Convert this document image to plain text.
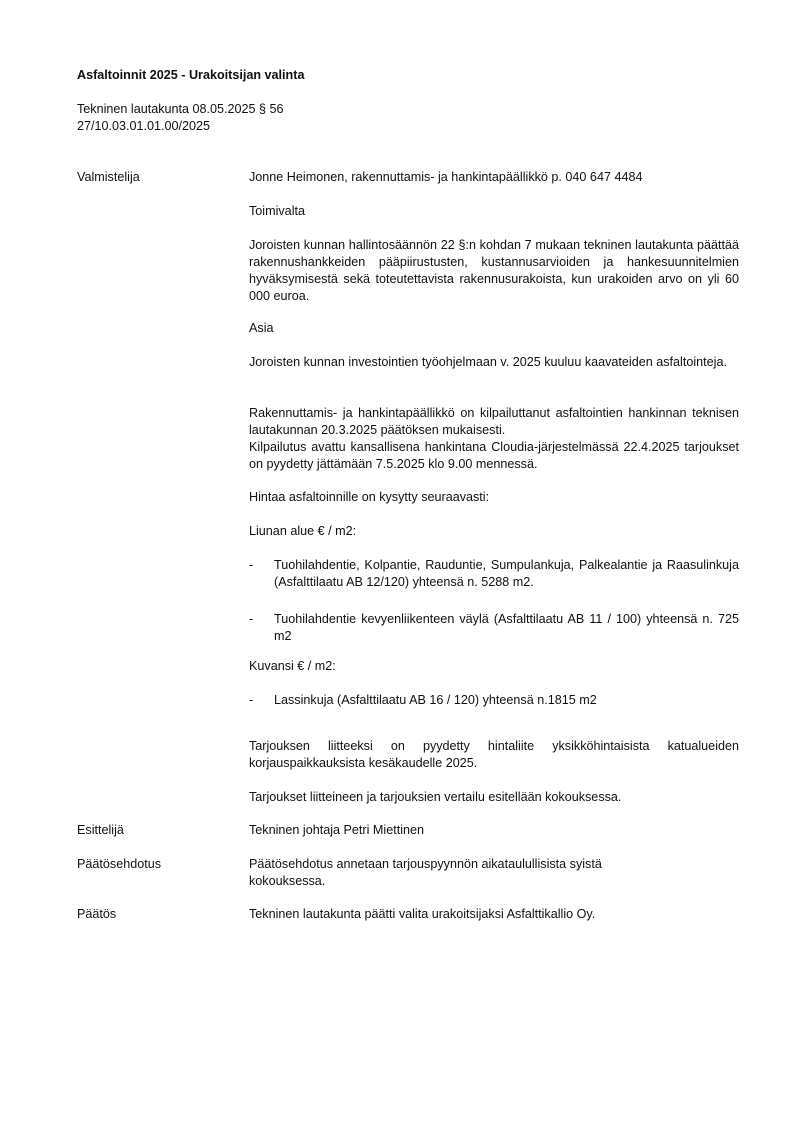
Asfaltoinnit 2025 - Urakoitsijan valinta
Tekninen lautakunta 08.05.2025 § 56
27/10.03.01.01.00/2025
Valmistelija	Jonne Heimonen, rakennuttamis- ja hankintapäällikkö p. 040 647 4484
Toimivalta
Joroisten kunnan hallintosäännön 22 §:n kohdan 7 mukaan tekninen lautakunta päättää rakennushankkeiden pääpiirustusten, kustannusarvioiden ja hankesuunnitelmien hyväksymisestä sekä toteutettavista rakennusurakoista, kun urakoiden arvo on yli 60 000 euroa.
Asia
Joroisten kunnan investointien työohjelmaan v. 2025 kuuluu kaavateiden asfaltointeja.
Rakennuttamis- ja hankintapäällikkö on kilpailuttanut asfaltointien hankinnan teknisen lautakunnan 20.3.2025 päätöksen mukaisesti.
Kilpailutus avattu kansallisena hankintana Cloudia-järjestelmässä 22.4.2025 tarjoukset on pyydetty jättämään 7.5.2025 klo 9.00 mennessä.
Hintaa asfaltoinnille on kysytty seuraavasti:
Liunan alue € / m2:
- Tuohilahdentie, Kolpantie, Rauduntie, Sumpulankuja, Palkealantie ja Raasulinkuja (Asfalttilaatu AB 12/120) yhteensä n. 5288 m2.
- Tuohilahdentie kevyenliikenteen väylä (Asfalttilaatu AB 11 / 100) yhteensä n. 725 m2
Kuvansi € / m2:
- Lassinkuja (Asfalttilaatu AB 16 / 120) yhteensä n.1815 m2
Tarjouksen liitteeksi on pyydetty hintaliite yksikköhintaisista katualueiden korjauspaikkauksista kesäkaudelle 2025.
Tarjoukset liitteineen ja tarjouksien vertailu esitellään kokouksessa.
Esittelijä	Tekninen johtaja Petri Miettinen
Päätösehdotus	Päätösehdotus annetaan tarjouspyynnön aikataulullisista syistä kokouksessa.
Päätös	Tekninen lautakunta päätti valita urakoitsijaksi Asfalttikallio Oy.
